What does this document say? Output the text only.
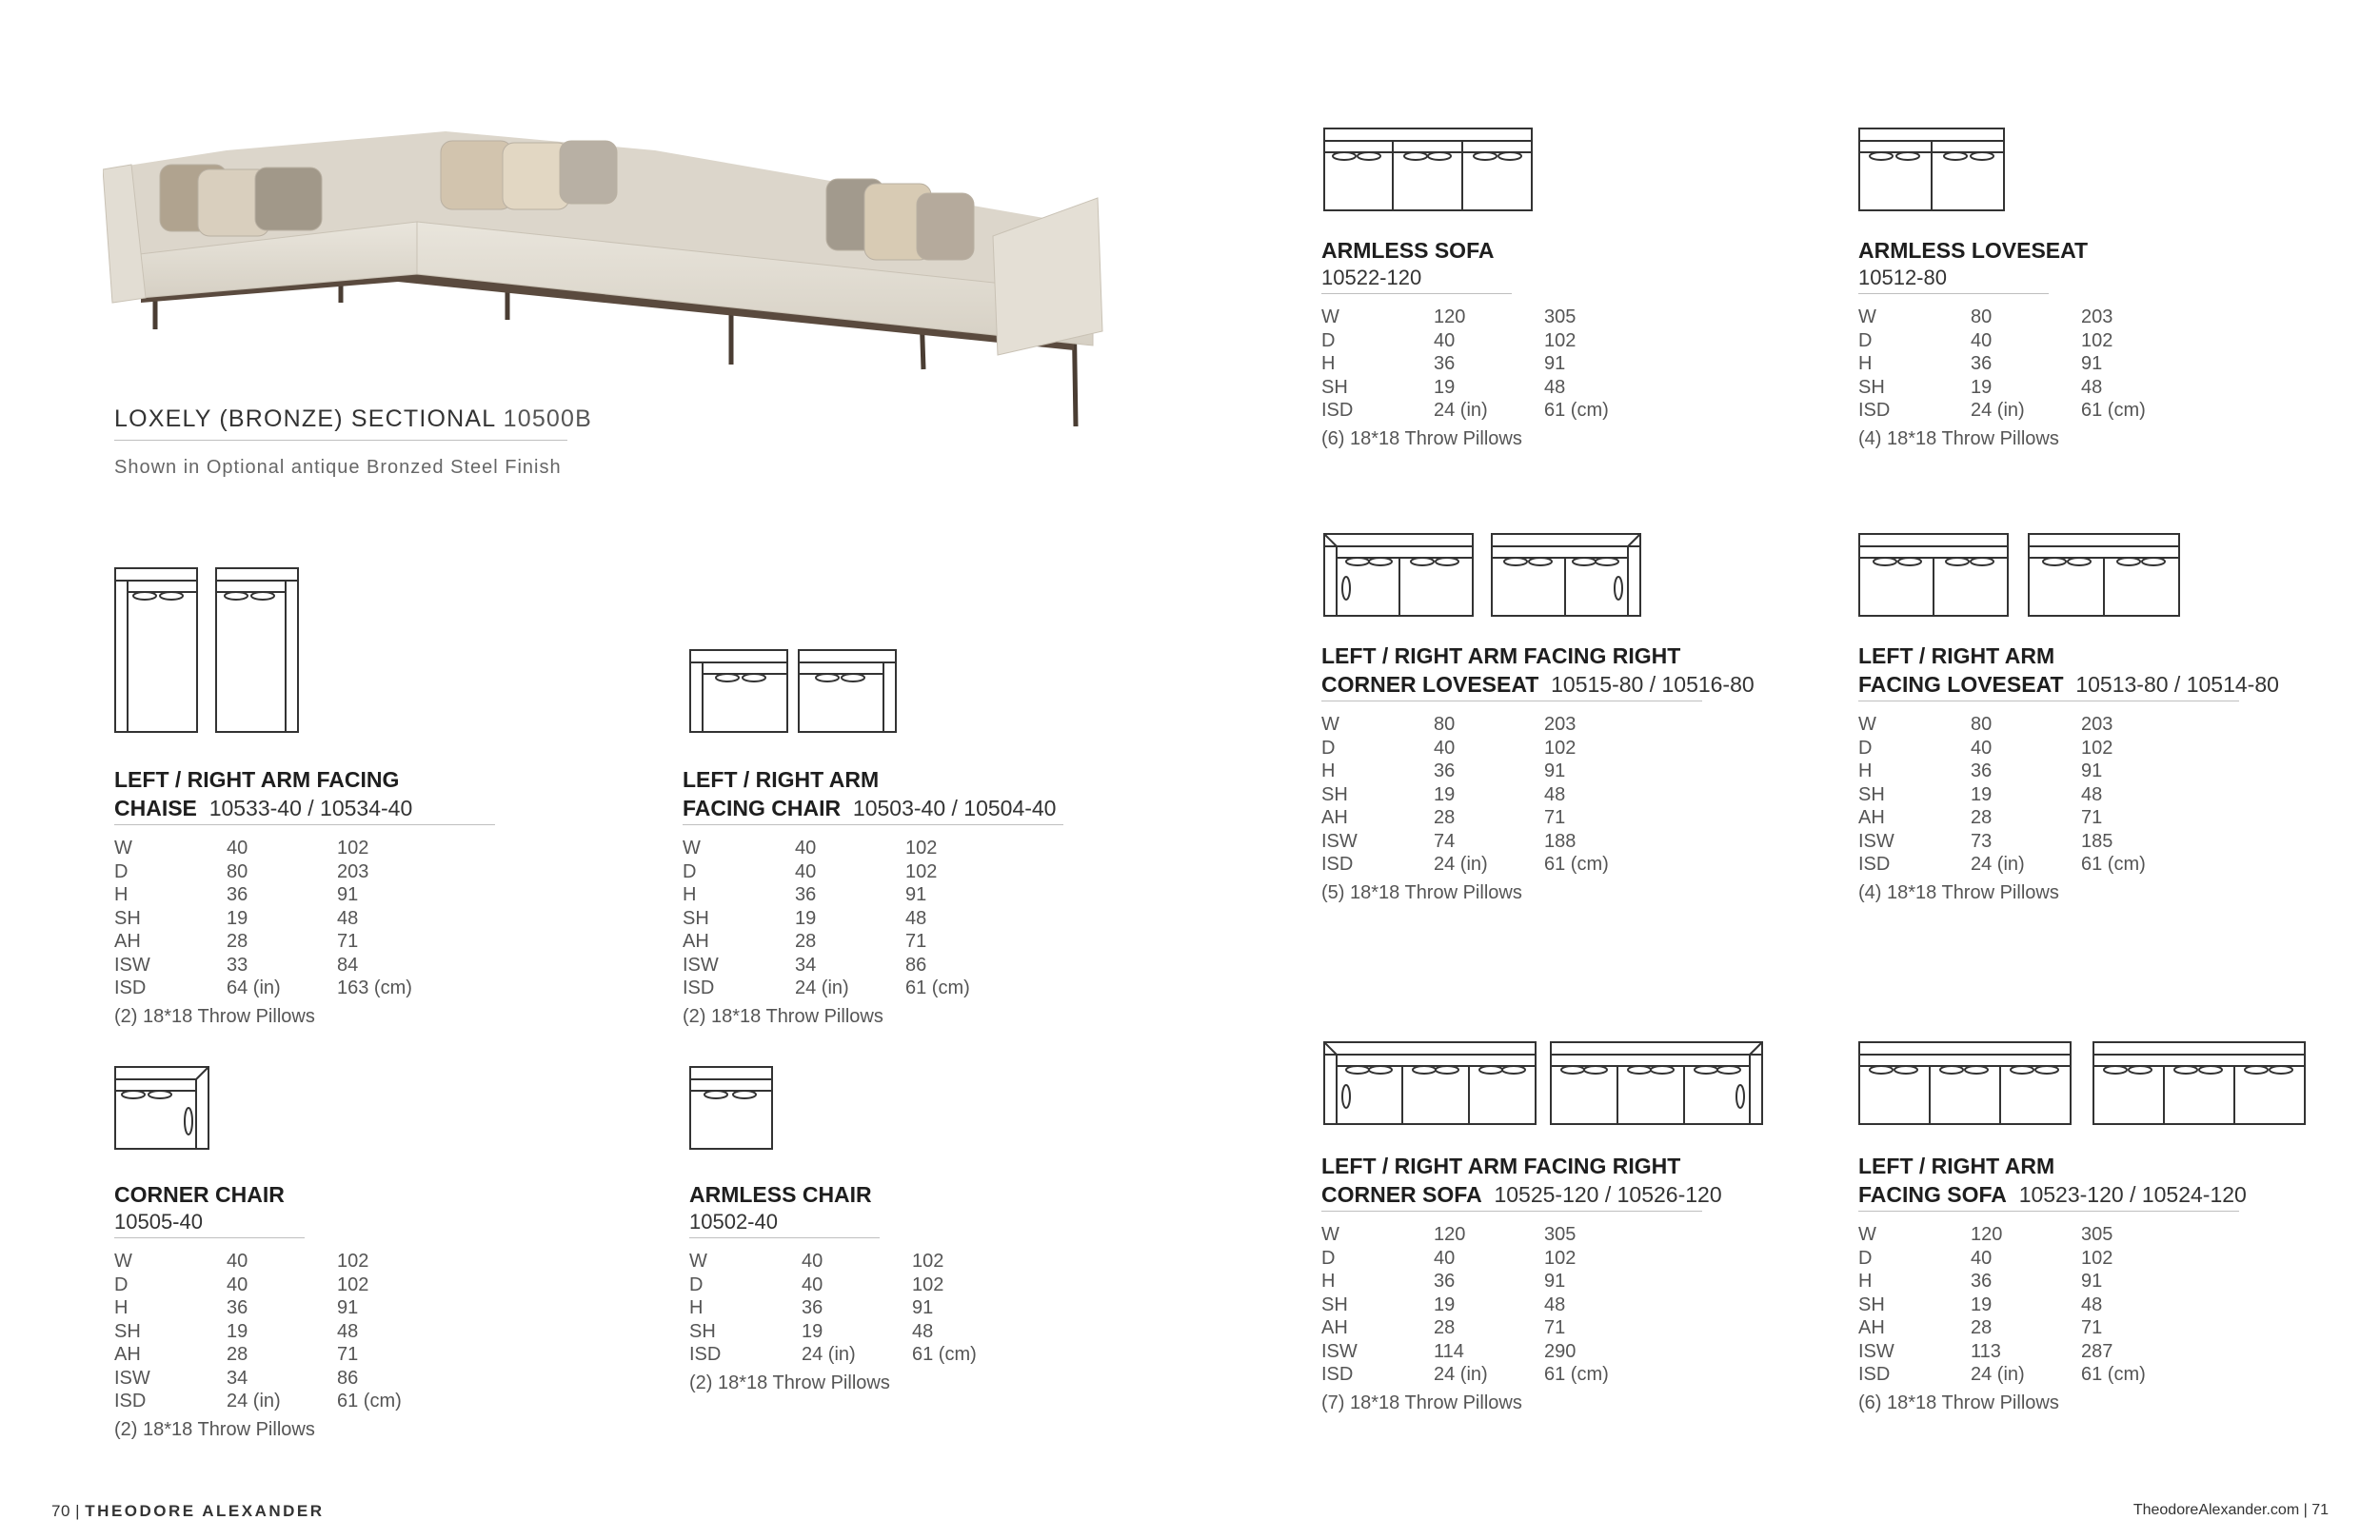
LOXELY (BRONZE) SECTIONAL 10500B
Shown in Optional antique Bronzed Steel Finish
ARMLESS SOFA
10522-120
W	120	305
D	40	102
H	36	91
SH	19	48
ISD	24 (in)	61 (cm)
(6) 18*18 Throw Pillows
ARMLESS LOVESEAT
10512-80
W	80	203
D	40	102
H	36	91
SH	19	48
ISD	24 (in)	61 (cm)
(4) 18*18 Throw Pillows
LEFT / RIGHT ARM FACING RIGHT
CORNER LOVESEAT 10515-80 / 10516-80
W	80	203
D	40	102
H	36	91
SH	19	48
AH	28	71
ISW	74	188
ISD	24 (in)	61 (cm)
(5) 18*18 Throw Pillows
LEFT / RIGHT ARM
FACING LOVESEAT 10513-80 / 10514-80
W	80	203
D	40	102
H	36	91
SH	19	48
AH	28	71
ISW	73	185
ISD	24 (in)	61 (cm)
(4) 18*18 Throw Pillows
LEFT / RIGHT ARM FACING
CHAISE 10533-40 / 10534-40
W	40	102
D	80	203
H	36	91
SH	19	48
AH	28	71
ISW	33	84
ISD	64 (in)	163 (cm)
(2) 18*18 Throw Pillows
LEFT / RIGHT ARM
FACING CHAIR 10503-40 / 10504-40
W	40	102
D	40	102
H	36	91
SH	19	48
AH	28	71
ISW	34	86
ISD	24 (in)	61 (cm)
(2) 18*18 Throw Pillows
CORNER CHAIR
10505-40
W	40	102
D	40	102
H	36	91
SH	19	48
AH	28	71
ISW	34	86
ISD	24 (in)	61 (cm)
(2) 18*18 Throw Pillows
ARMLESS CHAIR
10502-40
W	40	102
D	40	102
H	36	91
SH	19	48
ISD	24 (in)	61 (cm)
(2) 18*18 Throw Pillows
LEFT / RIGHT ARM FACING RIGHT
CORNER SOFA 10525-120 / 10526-120
W	120	305
D	40	102
H	36	91
SH	19	48
AH	28	71
ISW	114	290
ISD	24 (in)	61 (cm)
(7) 18*18 Throw Pillows
LEFT / RIGHT ARM
FACING SOFA 10523-120 / 10524-120
W	120	305
D	40	102
H	36	91
SH	19	48
AH	28	71
ISW	113	287
ISD	24 (in)	61 (cm)
(6) 18*18 Throw Pillows
70 | THEODORE ALEXANDER	TheodoreAlexander.com | 71
